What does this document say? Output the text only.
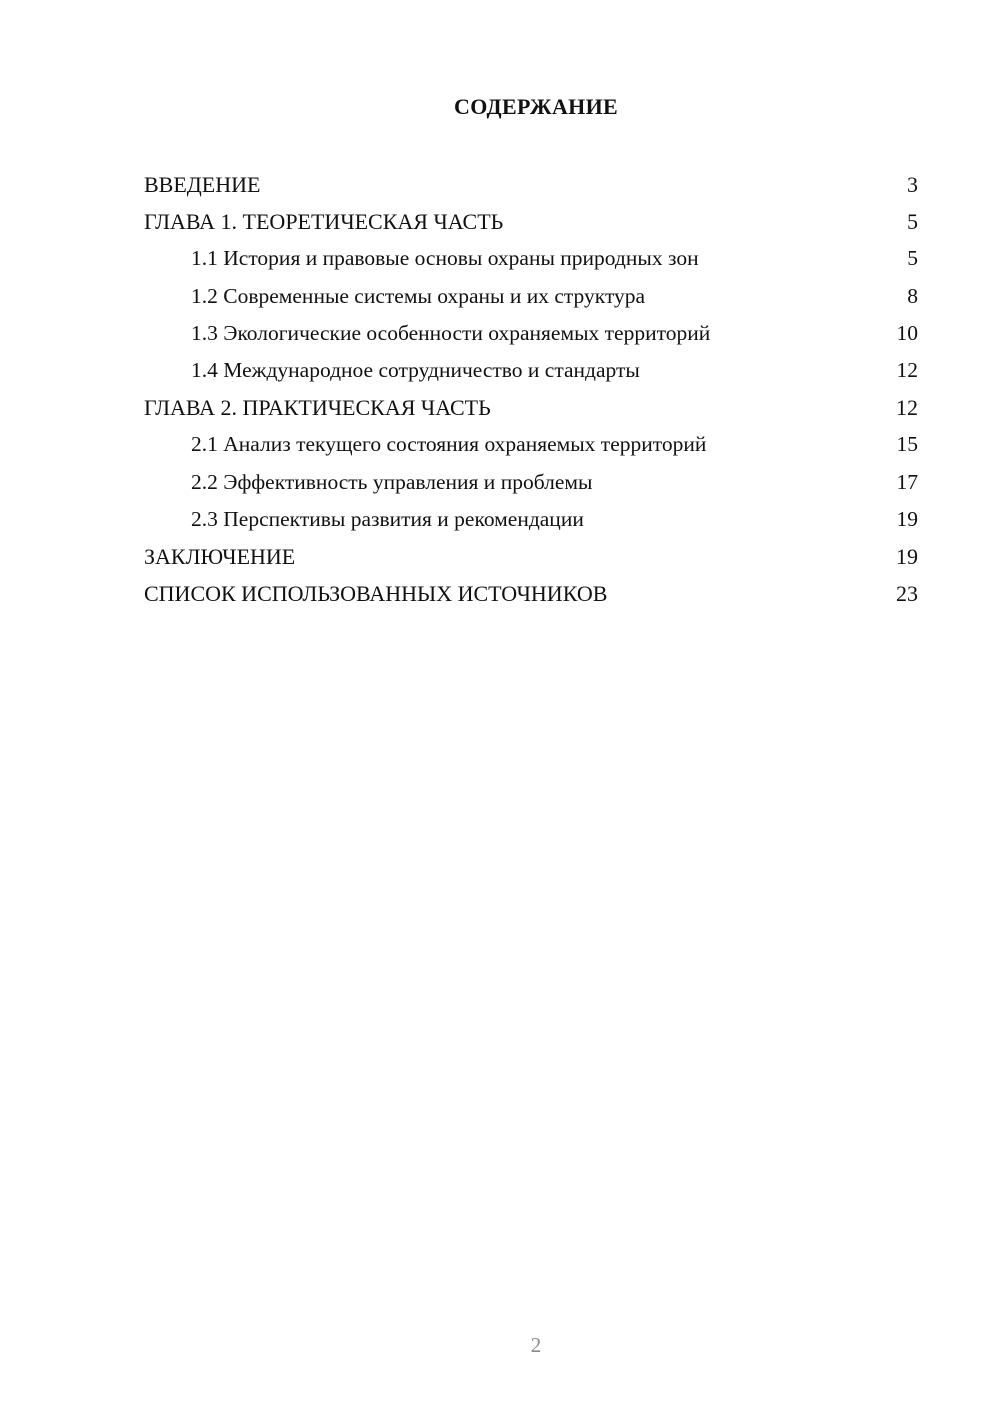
СОДЕРЖАНИЕ
ВВЕДЕНИЕ	3
ГЛАВА 1. ТЕОРЕТИЧЕСКАЯ ЧАСТЬ	5
1.1 История и правовые основы охраны природных зон	5
1.2 Современные системы охраны и их структура	8
1.3 Экологические особенности охраняемых территорий	10
1.4 Международное сотрудничество и стандарты	12
ГЛАВА 2. ПРАКТИЧЕСКАЯ ЧАСТЬ	12
2.1 Анализ текущего состояния охраняемых территорий	15
2.2 Эффективность управления и проблемы	17
2.3 Перспективы развития и рекомендации	19
ЗАКЛЮЧЕНИЕ	19
СПИСОК ИСПОЛЬЗОВАННЫХ ИСТОЧНИКОВ	23
2
